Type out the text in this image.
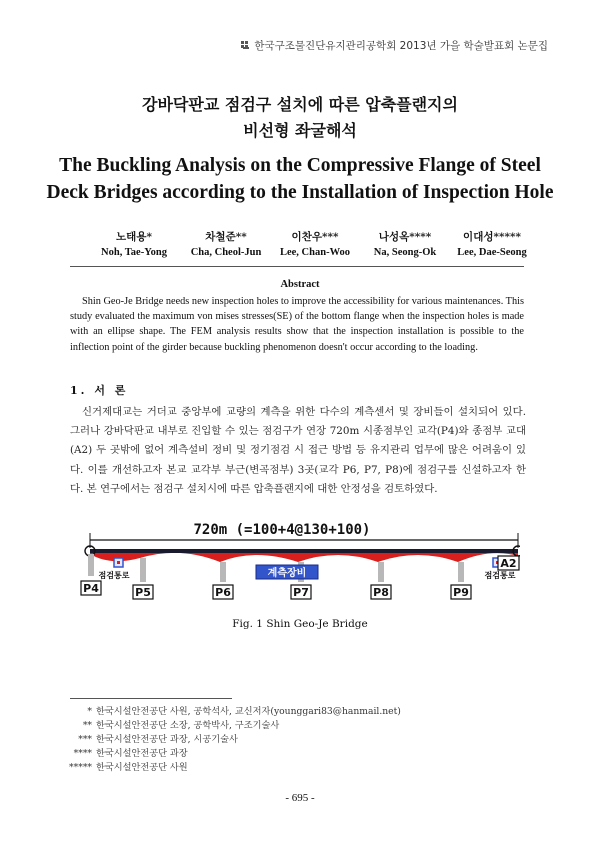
한국구조물진단유지관리공학회 2013년 가을 학술발표회 논문집
강바닥판교 점검구 설치에 따른 압축플랜지의
비선형 좌굴해석
The Buckling Analysis on the Compressive Flange of Steel
Deck Bridges according to the Installation of Inspection Hole
노태용*
Noh, Tae-Yong
차철준**
Cha, Cheol-Jun
이찬우***
Lee, Chan-Woo
나성옥****
Na, Seong-Ok
이대성*****
Lee, Dae-Seong
Abstract
Shin Geo-Je Bridge needs new inspection holes to improve the accessibility for various maintenances. This study evaluated the maximum von mises stresses(SE) of the bottom flange when the inspection holes is made with an ellipse shape. The FEM analysis results show that the inspection installation is possible to the inflection point of the girder because buckling phenomenon doesn't occur according to the loading.
1. 서 론
신거제대교는 거더교 중앙부에 교량의 계측을 위한 다수의 계측센서 및 장비들이 설치되어 있다. 그러나 강바닥판교 내부로 진입할 수 있는 점검구가 연장 720m 시종점부인 교각(P4)와 종점부 교대(A2) 두 곳밖에 없어 계측설비 정비 및 정기점검 시 접근 방법 등 유지관리 업무에 많은 어려움이 있다. 이를 개선하고자 본교 교각부 부근(변곡점부) 3곳(교각 P6, P7, P8)에 점검구를 신설하고자 한다. 본 연구에서는 점검구 설치시에 따른 압축플랜지에 대한 안정성을 검토하였다.
720m (=100+4@130+100)
점검통로	점검통로
계측장비
P4	P5	P6	P7	P8	P9
A2
Fig. 1 Shin Geo-Je Bridge
* 한국시설안전공단 사원, 공학석사, 교신저자(younggari83@hanmail.net)
** 한국시설안전공단 소장, 공학박사, 구조기술사
*** 한국시설안전공단 과장, 시공기술사
**** 한국시설안전공단 과장
***** 한국시설안전공단 사원
- 695 -
